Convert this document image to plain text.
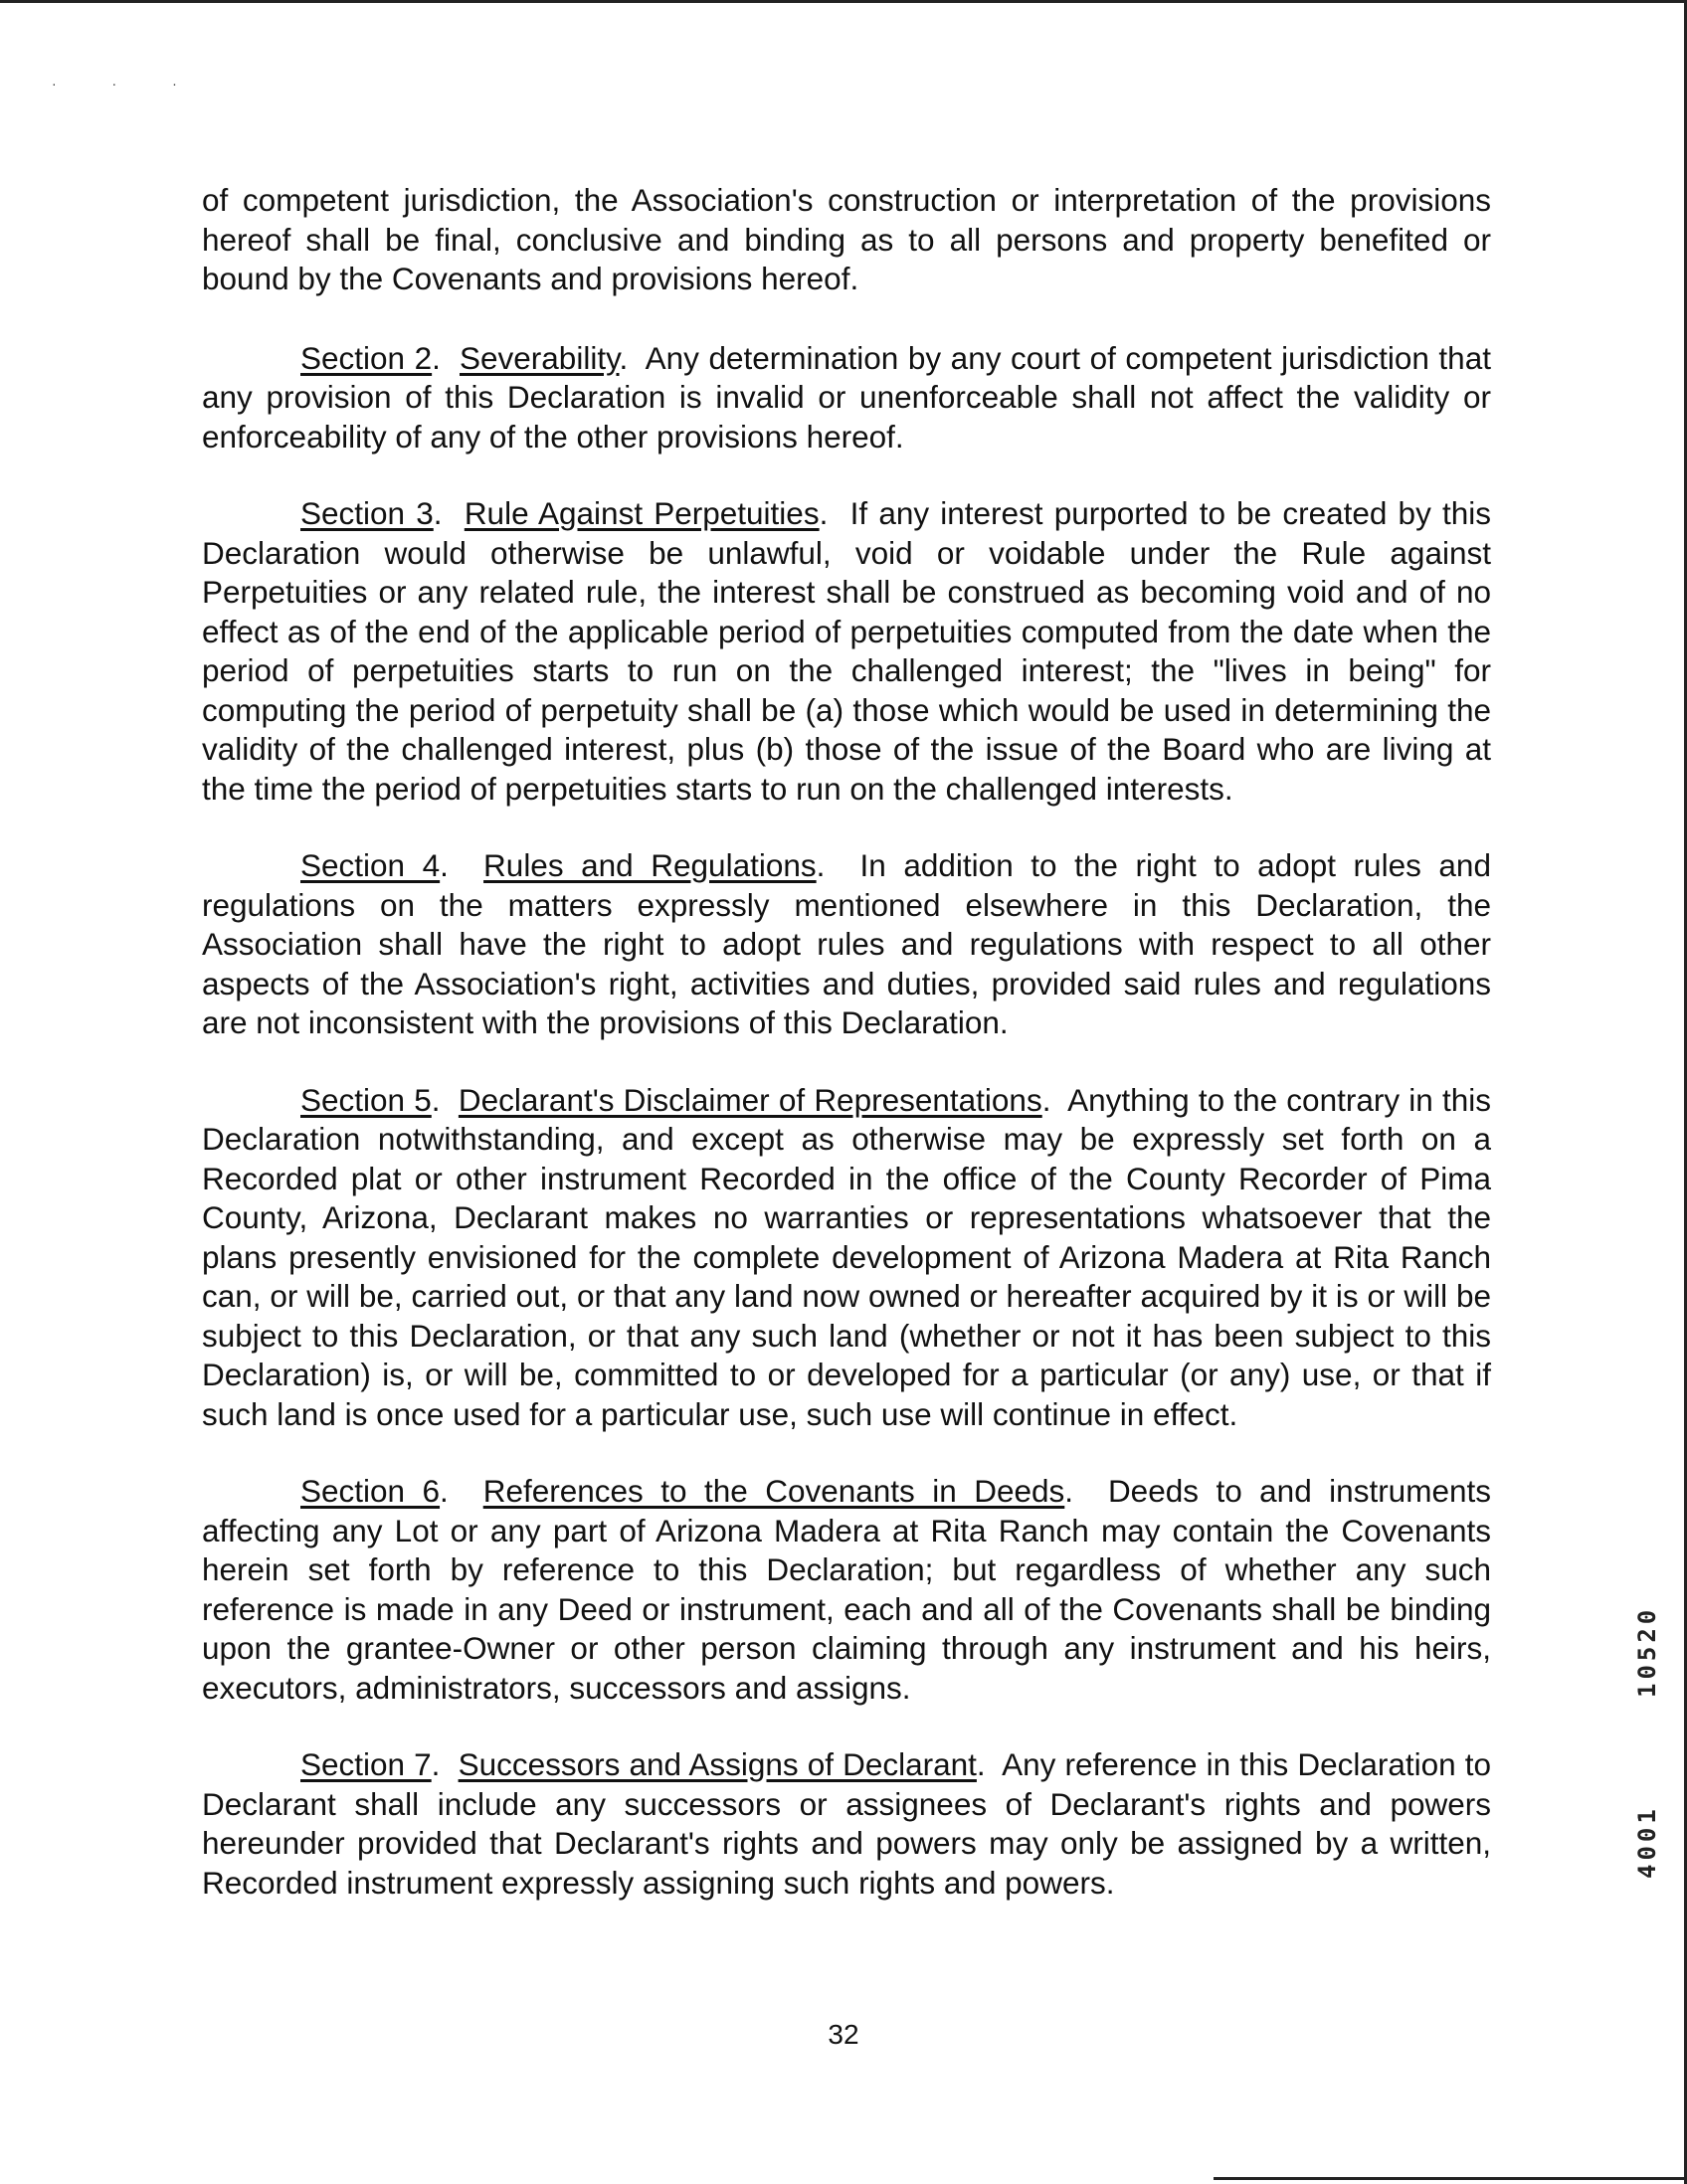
· · ·

of competent jurisdiction, the Association's construction or interpretation of the provisions hereof shall be final, conclusive and binding as to all persons and property benefited or bound by the Covenants and provisions hereof.

Section 2.  Severability.  Any determination by any court of competent jurisdiction that any provision of this Declaration is invalid or unenforceable shall not affect the validity or enforceability of any of the other provisions hereof.

Section 3.  Rule Against Perpetuities.  If any interest purported to be created by this Declaration would otherwise be unlawful, void or voidable under the Rule against Perpetuities or any related rule, the interest shall be construed as becoming void and of no effect as of the end of the applicable period of perpetuities computed from the date when the period of perpetuities starts to run on the challenged interest; the "lives in being" for computing the period of perpetuity shall be (a) those which would be used in determining the validity of the challenged interest, plus (b) those of the issue of the Board who are living at the time the period of perpetuities starts to run on the challenged interests.

Section 4.  Rules and Regulations.  In addition to the right to adopt rules and regulations on the matters expressly mentioned elsewhere in this Declaration, the Association shall have the right to adopt rules and regulations with respect to all other aspects of the Association's right, activities and duties, provided said rules and regulations are not inconsistent with the provisions of this Declaration.

Section 5.  Declarant's Disclaimer of Representations.  Anything to the contrary in this Declaration notwithstanding, and except as otherwise may be expressly set forth on a Recorded plat or other instrument Recorded in the office of the County Recorder of Pima County, Arizona, Declarant makes no warranties or representations whatsoever that the plans presently envisioned for the complete development of Arizona Madera at Rita Ranch can, or will be, carried out, or that any land now owned or hereafter acquired by it is or will be subject to this Declaration, or that any such land (whether or not it has been subject to this Declaration) is, or will be, committed to or developed for a particular (or any) use, or that if such land is once used for a particular use, such use will continue in effect.

Section 6.  References to the Covenants in Deeds.  Deeds to and instruments affecting any Lot or any part of Arizona Madera at Rita Ranch may contain the Covenants herein set forth by reference to this Declaration; but regardless of whether any such reference is made in any Deed or instrument, each and all of the Covenants shall be binding upon the grantee-Owner or other person claiming through any instrument and his heirs, executors, administrators, successors and assigns.

Section 7.  Successors and Assigns of Declarant.  Any reference in this Declaration to Declarant shall include any successors or assignees of Declarant's rights and powers hereunder provided that Declarant's rights and powers may only be assigned by a written, Recorded instrument expressly assigning such rights and powers.

32
10520
4001
